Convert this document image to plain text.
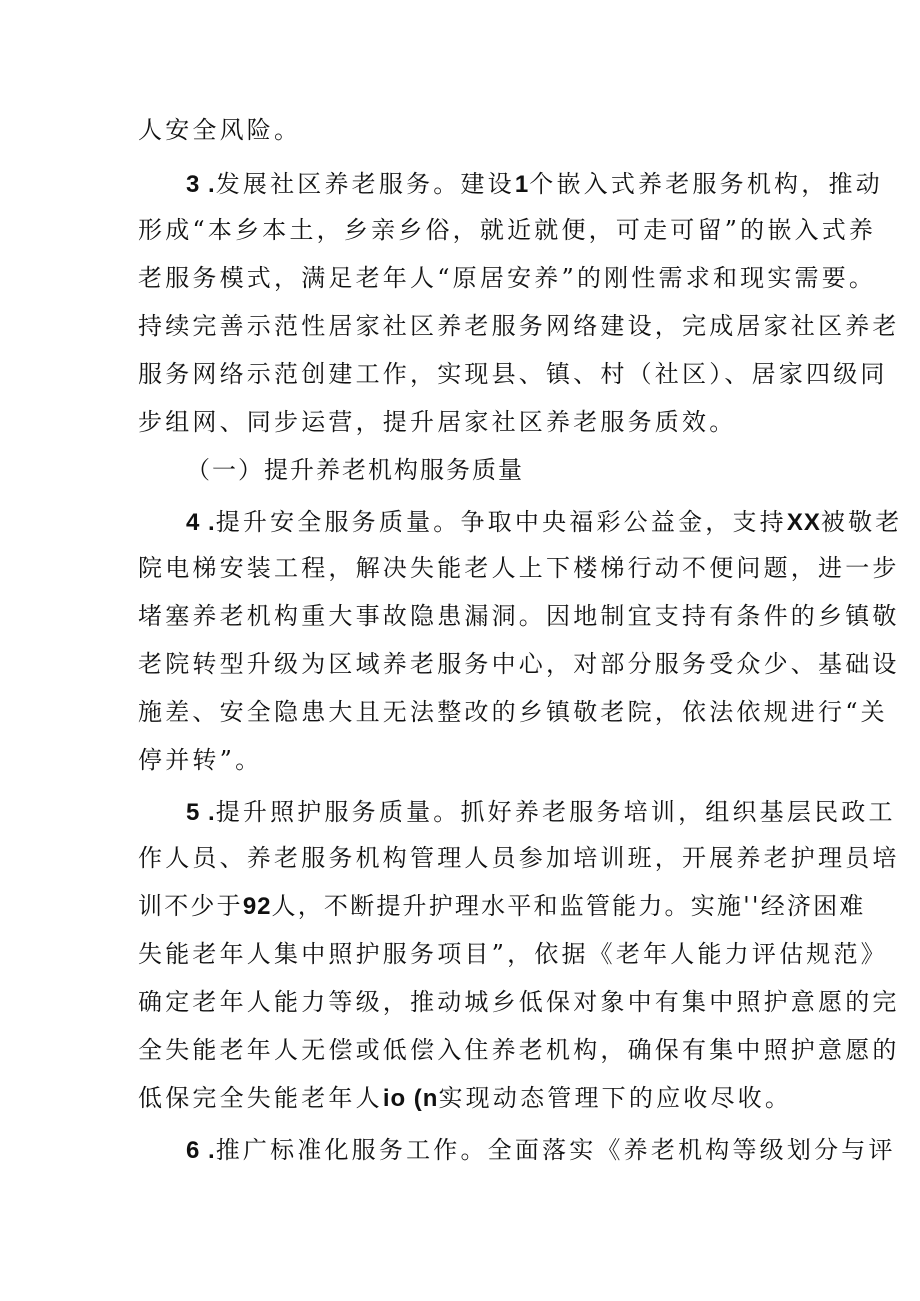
人安全风险。
3 .发展社区养老服务。建设1个嵌入式养老服务机构，推动
形成“本乡本土，乡亲乡俗，就近就便，可走可留”的嵌入式养
老服务模式，满足老年人“原居安养”的刚性需求和现实需要。
持续完善示范性居家社区养老服务网络建设，完成居家社区养老
服务网络示范创建工作，实现县、镇、村（社区）、居家四级同
步组网、同步运营，提升居家社区养老服务质效。
（一）提升养老机构服务质量
4 .提升安全服务质量。争取中央福彩公益金，支持XX被敬老
院电梯安装工程，解决失能老人上下楼梯行动不便问题，进一步
堵塞养老机构重大事故隐患漏洞。因地制宜支持有条件的乡镇敬
老院转型升级为区域养老服务中心，对部分服务受众少、基础设
施差、安全隐患大且无法整改的乡镇敬老院，依法依规进行“关
停并转”。
5 .提升照护服务质量。抓好养老服务培训，组织基层民政工
作人员、养老服务机构管理人员参加培训班，开展养老护理员培
训不少于92人，不断提升护理水平和监管能力。实施''经济困难
失能老年人集中照护服务项目”，依据《老年人能力评估规范》
确定老年人能力等级，推动城乡低保对象中有集中照护意愿的完
全失能老年人无偿或低偿入住养老机构，确保有集中照护意愿的
低保完全失能老年人io (n实现动态管理下的应收尽收。
6 .推广标准化服务工作。全面落实《养老机构等级划分与评
